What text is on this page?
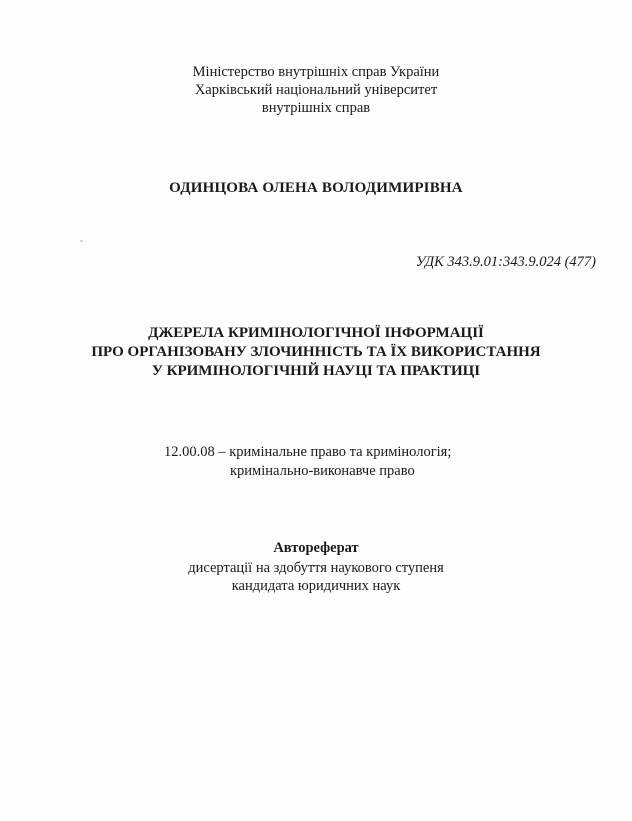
Міністерство внутрішніх справ України
Харківський національний університет
внутрішніх справ
ОДИНЦОВА ОЛЕНА ВОЛОДИМИРІВНА
УДК 343.9.01:343.9.024 (477)
ДЖЕРЕЛА КРИМІНОЛОГІЧНОЇ ІНФОРМАЦІЇ
ПРО ОРГАНІЗОВАНУ ЗЛОЧИННІСТЬ ТА ЇХ ВИКОРИСТАННЯ
У КРИМІНОЛОГІЧНІЙ НАУЦІ ТА ПРАКТИЦІ
12.00.08 – кримінальне право та кримінологія;
кримінально-виконавче право
Автореферат
дисертації на здобуття наукового ступеня
кандидата юридичних наук
